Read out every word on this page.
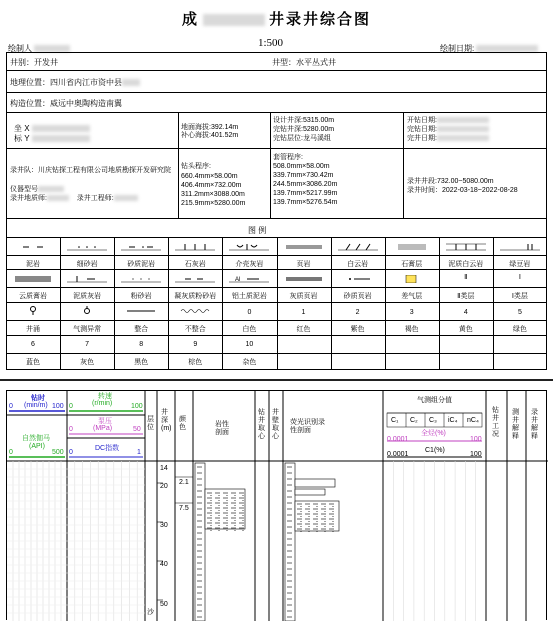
成	井录井综合图
绘制人	1:500	绘制日期:
井别：开发井	井型：水平丛式井
地理位置：四川省内江市资中县
构造位置：威远中奥陶构造南翼
坐 X
标 Y
地面海拔:392.14m
补心海拔:401.52m
设计井深:5315.00m
完钻井深:5280.00m
完钻层位:龙马溪组
开钻日期:
完钻日期:
完井日期:
录井队：川庆钻探工程有限公司地质勘探开发研究院
仪器型号
录井地质师:	录井工程师:
钻头程序:
660.4mm×58.00m
406.4mm×732.00m
311.2mm×3088.00m
215.9mm×5280.00m
套管程序:
508.0mm×58.00m
339.7mm×730.42m
244.5mm×3086.20m
139.7mm×5217.99m
139.7mm×5276.54m
录井井段:732.00~5080.00m
录井时间：2022-03-18~2022-08-28
图 例
泥岩	细砂岩	砂质泥岩	石灰岩	介壳灰岩	页岩	白云岩	石膏层	泥质白云岩	绿豆岩
云质膏岩	泥质灰岩	粉砂岩	凝灰质粉砂岩	铝土质泥岩	灰质页岩	砂质页岩	差气层	Ⅱ类层	Ⅰ类层
Ⅱ	Ⅰ
Al
井涌	气测异常	整合	不整合	白色	红色	紫色	褐色	黄色	绿色
0	1	2	3	4	5
6	7	8	9	10
蓝色	灰色	黑色	棕色	杂色
钻时
(min/m)
0	100
自然伽马
(API)
0	500
转速
(r/min)
0	100
泵压
(MPa)
0	50
DC指数
0	1
层位
井深(m)
颜色	岩性剖面
钻井取心
井壁取心
荧光识别录性剖面
气测组分值
C₁ C₂ C₃ iC₄ nC₄
全烃(%)
0.0001	100
C1(%)
0.0001	100
钻井工况
测井解释
录井解释
14
20
30
40
50
沙
2.1
7.5
